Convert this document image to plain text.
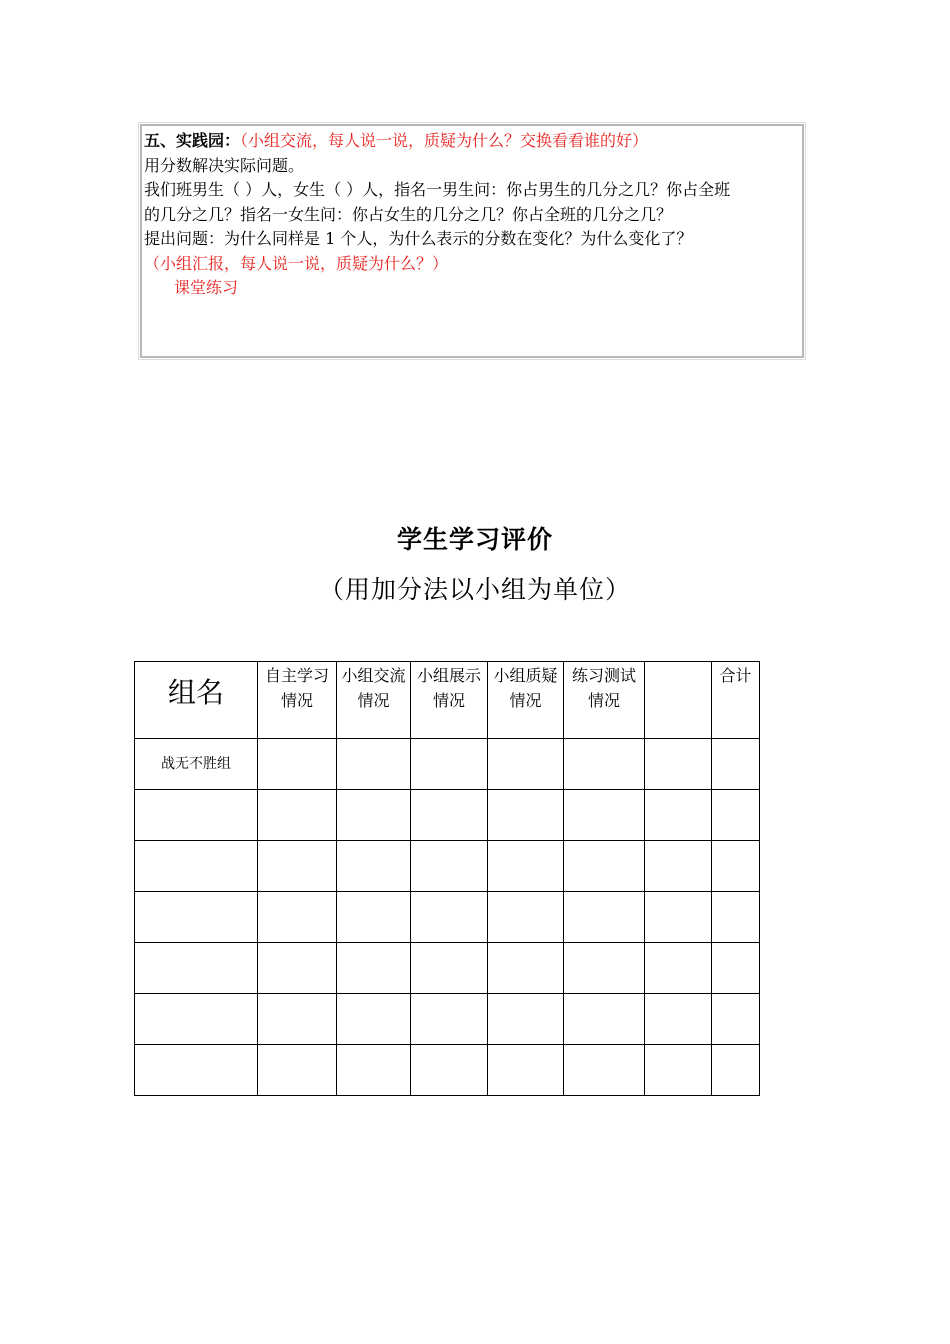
五、实践园：（小组交流，每人说一说，质疑为什么？交换看看谁的好）
用分数解决实际问题。
我们班男生（ ）人，女生（ ）人，指名一男生问：你占男生的几分之几？你占全班
的几分之几？指名一女生问：你占女生的几分之几？你占全班的几分之几？
提出问题：为什么同样是 1 个人，为什么表示的分数在变化？为什么变化了？
（小组汇报，每人说一说，质疑为什么？）
课堂练习
学生学习评价
（用加分法以小组为单位）
组名	自主学习情况	小组交流情况	小组展示情况	小组质疑情况	练习测试情况		合计
战无不胜组							
